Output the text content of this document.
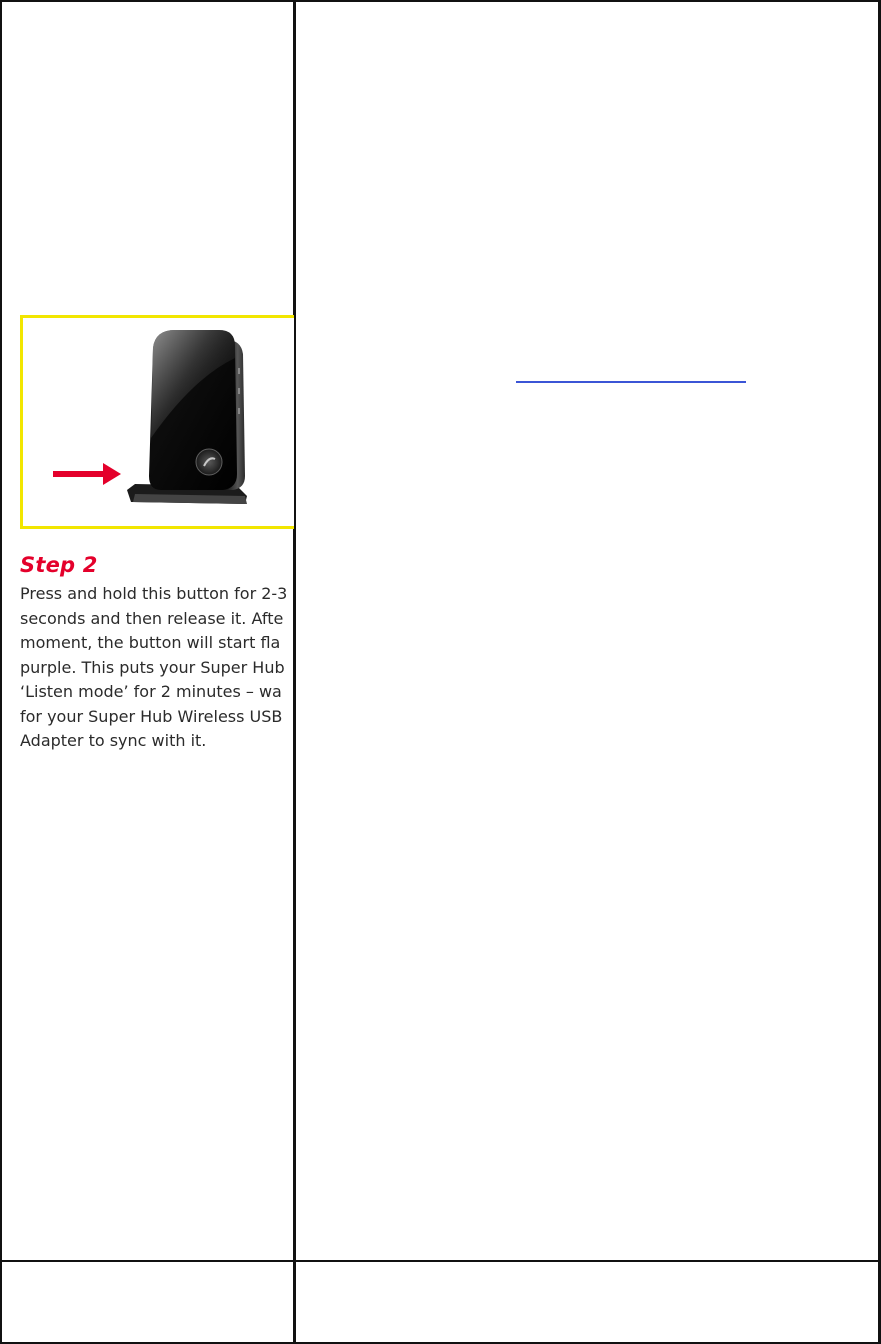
Step 2

Press and hold this button for 2-3
seconds and then release it. Afte
moment, the button will start fla
purple. This puts your Super Hub
‘Listen mode’ for 2 minutes – wa
for your Super Hub Wireless USB
Adapter to sync with it.
